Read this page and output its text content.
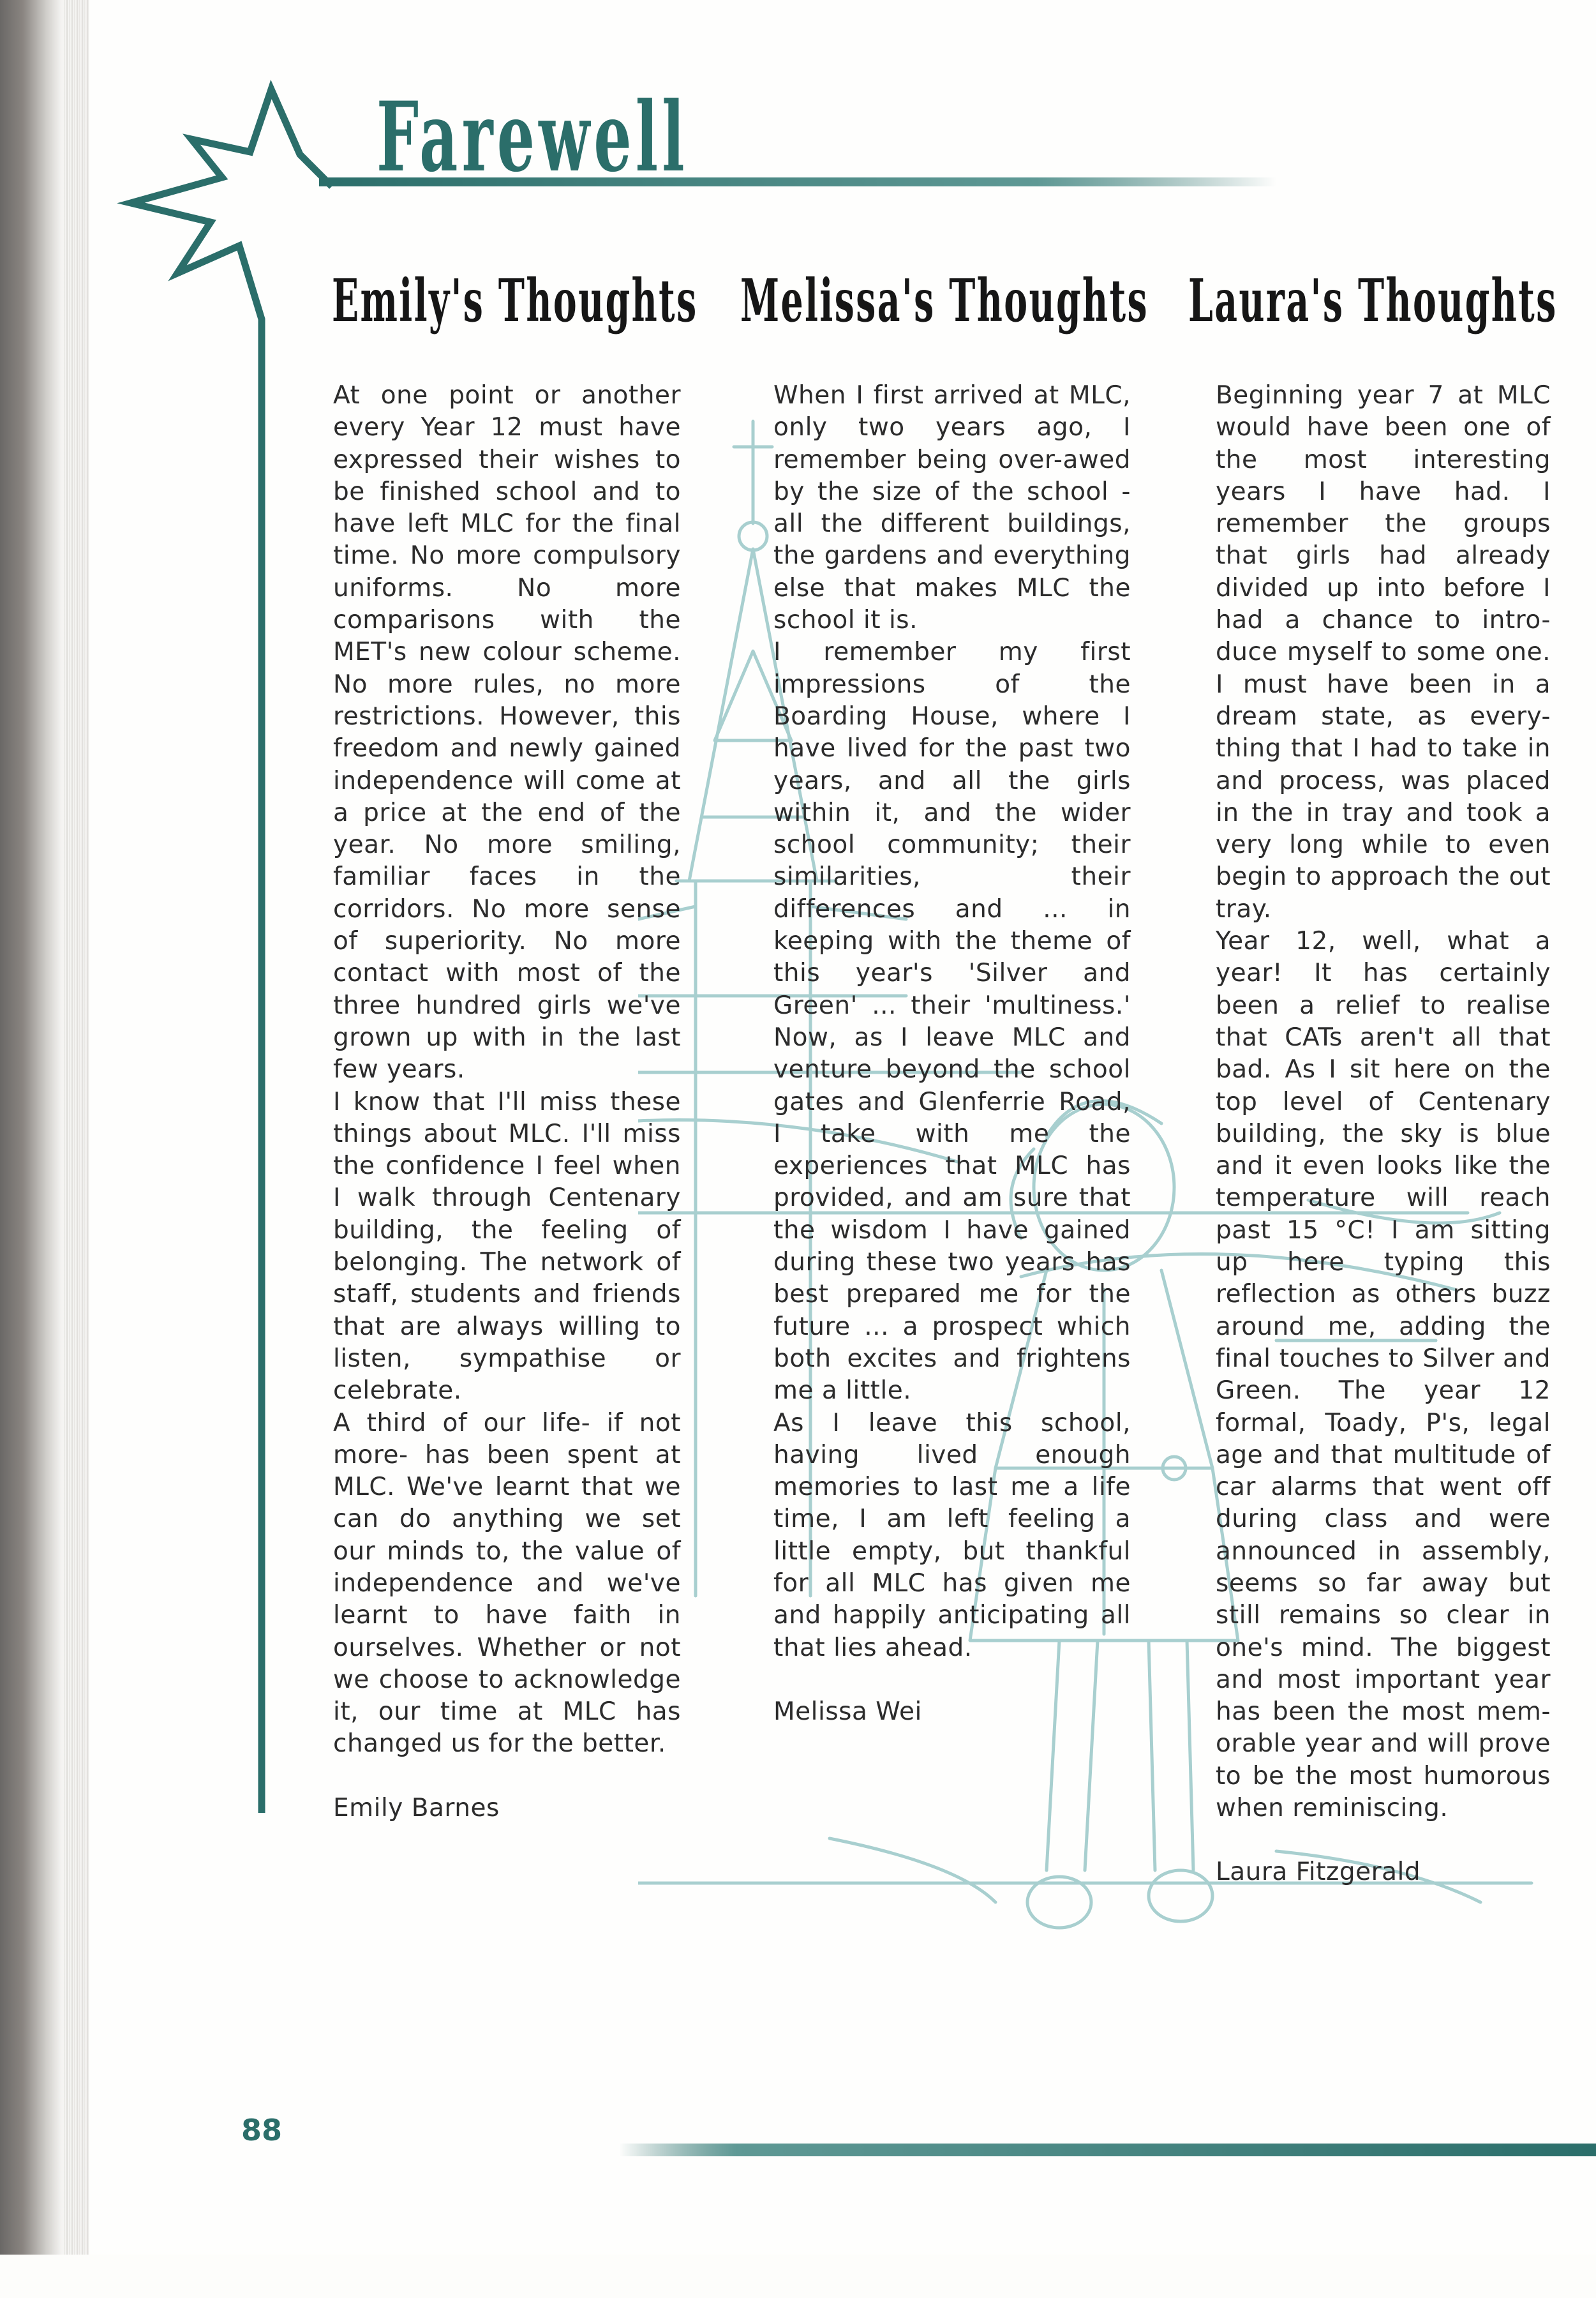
Farewell
Emily's Thoughts

At one point or another every Year 12 must have expressed their wishes to be finished school and to have left MLC for the final time. No more compulsory uniforms. No more comparisons with the MET's new colour scheme. No more rules, no more restrictions. However, this freedom and newly gained independence will come at a price at the end of the year. No more smiling, familiar faces in the corridors. No more sense of superiority. No more contact with most of the three hundred girls we've grown up with in the last few years.

I know that I'll miss these things about MLC. I'll miss the confidence I feel when I walk through Centenary building, the feeling of belonging. The network of staff, students and friends that are always willing to listen, sympathise or celebrate.

A third of our life- if not more- has been spent at MLC. We've learnt that we can do anything we set our minds to, the value of independence and we've learnt to have faith in ourselves. Whether or not we choose to acknowledge it, our time at MLC has changed us for the better.

Emily Barnes

Melissa's Thoughts

When I first arrived at MLC, only two years ago, I remember being over-awed by the size of the school - all the different buildings, the gardens and everything else that makes MLC the school it is.

I remember my first impressions of the Boarding House, where I have lived for the past two years, and all the girls within it, and the wider school community; their similarities, their differences and ... in keeping with the theme of this year's 'Silver and Green' ... their 'multiness.' Now, as I leave MLC and venture beyond the school gates and Glenferrie Road, I take with me the experiences that MLC has provided, and am sure that the wisdom I have gained during these two years has best prepared me for the future ... a prospect which both excites and frightens me a little.

As I leave this school, having lived enough memories to last me a life time, I am left feeling a little empty, but thankful for all MLC has given me and happily anticipating all that lies ahead.

Melissa Wei

Laura's Thoughts

Beginning year 7 at MLC would have been one of the most interesting years I have had. I remember the groups that girls had already divided up into before I had a chance to intro-duce myself to some one. I must have been in a dream state, as every-thing that I had to take in and process, was placed in the in tray and took a very long while to even begin to approach the out tray.

Year 12, well, what a year! It has certainly been a relief to realise that CATs aren't all that bad. As I sit here on the top level of Centenary building, the sky is blue and it even looks like the temperature will reach past 15 °C! I am sitting up here typing this reflection as others buzz around me, adding the final touches to Silver and Green. The year 12 formal, Toady, P's, legal age and that multitude of car alarms that went off during class and were announced in assembly, seems so far away but still remains so clear in one's mind. The biggest and most important year has been the most mem-orable year and will prove to be the most humorous when reminiscing.

Laura Fitzgerald

88
